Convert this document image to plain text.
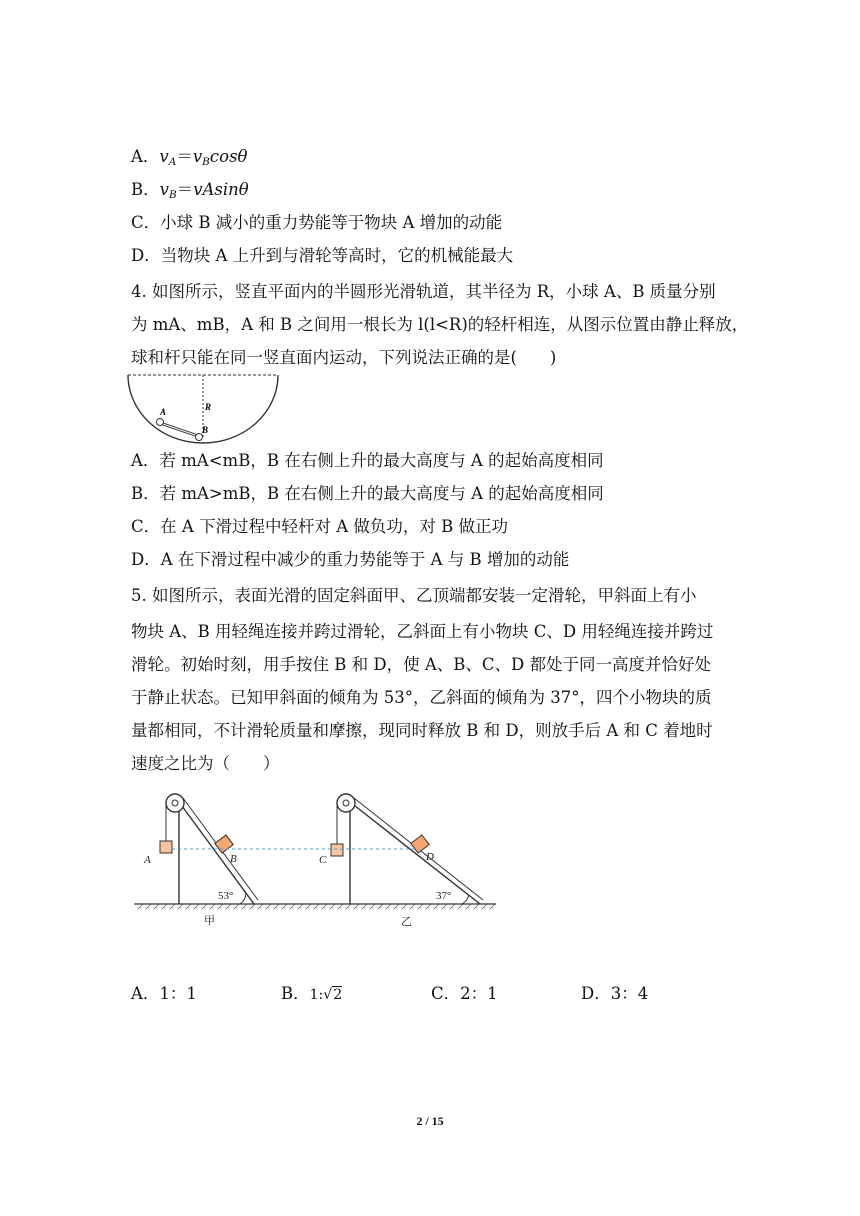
A．$v_A=v_B\cos\theta$
B．$v_B=vAsin\theta$
C．小球 B 减小的重力势能等于物块 A 增加的动能
D．当物块 A 上升到与滑轮等高时，它的机械能最大
4. 如图所示，竖直平面内的半圆形光滑轨道，其半径为 R，小球 A、B 质量分别
为 mA、mB，A 和 B 之间用一根长为 l(l<R)的轻杆相连，从图示位置由静止释放，
球和杆只能在同一竖直面内运动，下列说法正确的是(　　)
A
B
R
A．若 mA<mB，B 在右侧上升的最大高度与 A 的起始高度相同
B．若 mA>mB，B 在右侧上升的最大高度与 A 的起始高度相同
C．在 A 下滑过程中轻杆对 A 做负功，对 B 做正功
D．A 在下滑过程中减少的重力势能等于 A 与 B 增加的动能
5. 如图所示，表面光滑的固定斜面甲、乙顶端都安装一定滑轮，甲斜面上有小
物块 A、B 用轻绳连接并跨过滑轮，乙斜面上有小物块 C、D 用轻绳连接并跨过
滑轮。初始时刻，用手按住 B 和 D，使 A、B、C、D 都处于同一高度并恰好处
于静止状态。已知甲斜面的倾角为 53°，乙斜面的倾角为 37°，四个小物块的质
量都相同，不计滑轮质量和摩擦，现同时释放 B 和 D，则放手后 A 和 C 着地时
速度之比为（　　）
A	B	C	D
53°	37°
甲	乙
A．1：1	B．1:√2	C．2：1	D．3：4
2 / 15
